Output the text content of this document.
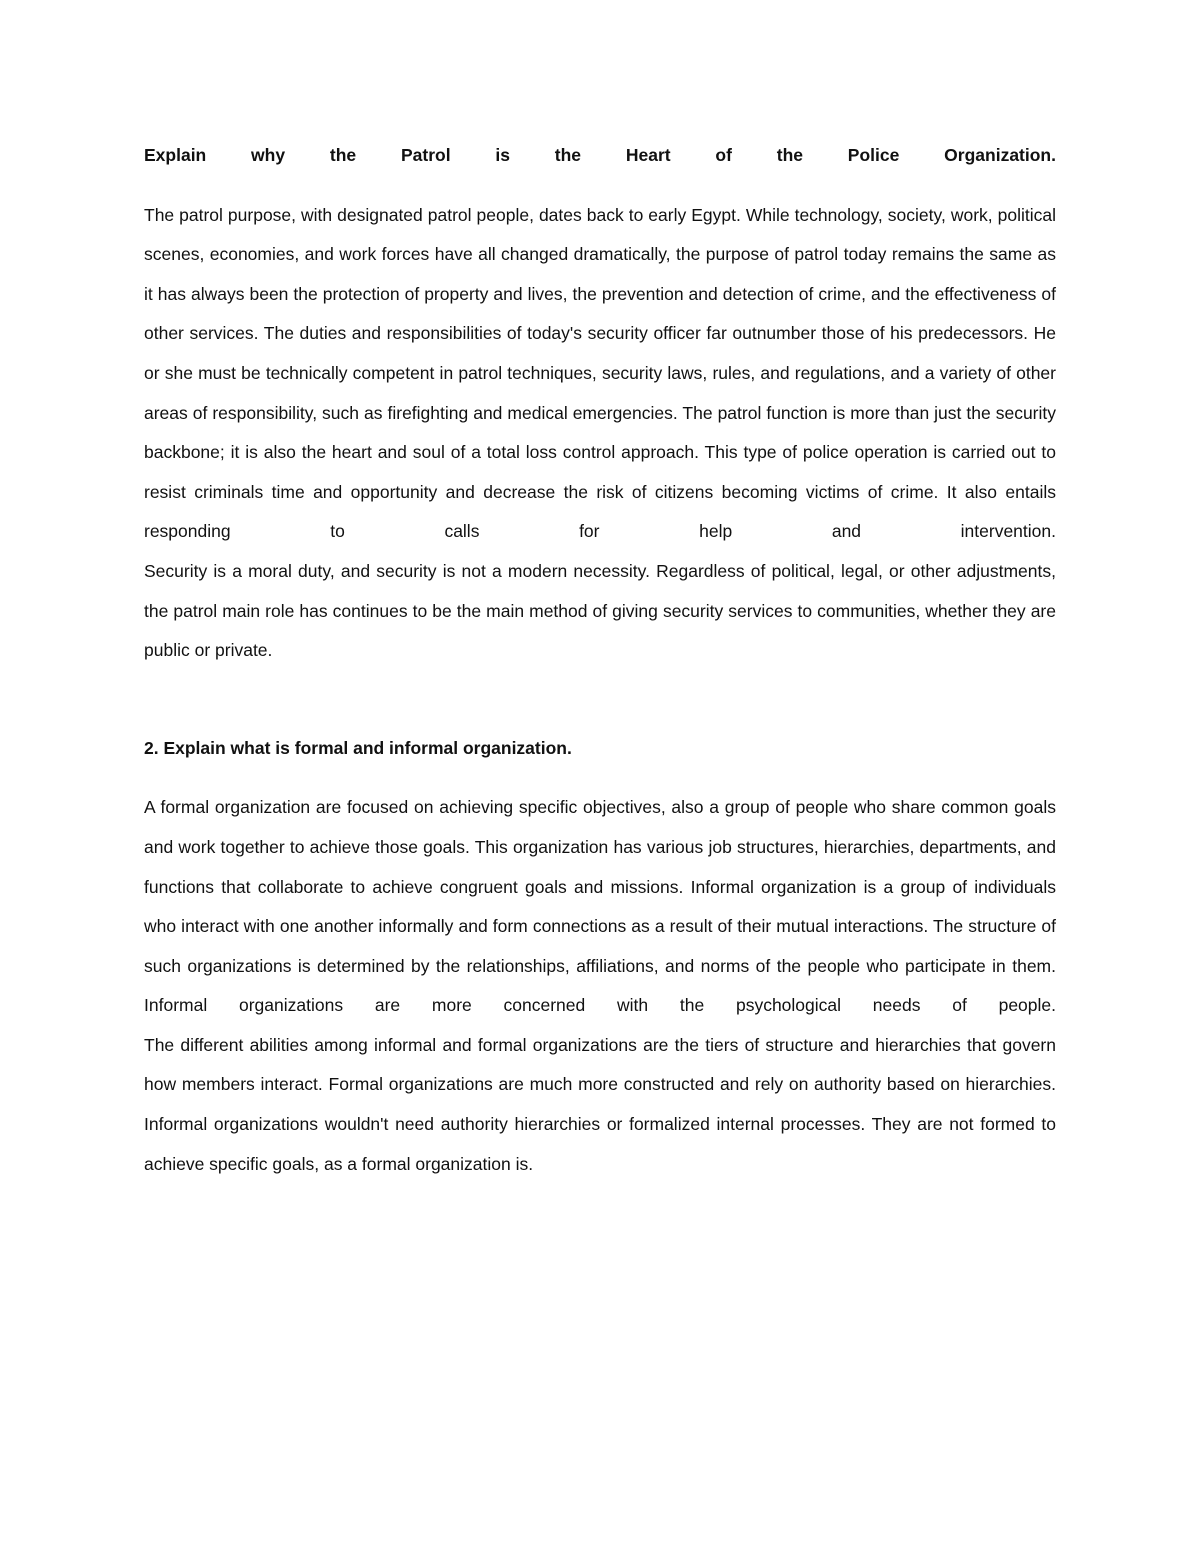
Explain why the Patrol is the Heart of the Police Organization.

The patrol purpose, with designated patrol people, dates back to early Egypt. While technology, society, work, political scenes, economies, and work forces have all changed dramatically, the purpose of patrol today remains the same as it has always been the protection of property and lives, the prevention and detection of crime, and the effectiveness of other services. The duties and responsibilities of today's security officer far outnumber those of his predecessors. He or she must be technically competent in patrol techniques, security laws, rules, and regulations, and a variety of other areas of responsibility, such as firefighting and medical emergencies. The patrol function is more than just the security backbone; it is also the heart and soul of a total loss control approach. This type of police operation is carried out to resist criminals time and opportunity and decrease the risk of citizens becoming victims of crime. It also entails responding to calls for help and intervention.
Security is a moral duty, and security is not a modern necessity. Regardless of political, legal, or other adjustments, the patrol main role has continues to be the main method of giving security services to communities, whether they are public or private.

2. Explain what is formal and informal organization.

A formal organization are focused on achieving specific objectives, also a group of people who share common goals and work together to achieve those goals. This organization has various job structures, hierarchies, departments, and functions that collaborate to achieve congruent goals and missions. Informal organization is a group of individuals who interact with one another informally and form connections as a result of their mutual interactions. The structure of such organizations is determined by the relationships, affiliations, and norms of the people who participate in them. Informal organizations are more concerned with the psychological needs of people.
The different abilities among informal and formal organizations are the tiers of structure and hierarchies that govern how members interact. Formal organizations are much more constructed and rely on authority based on hierarchies. Informal organizations wouldn't need authority hierarchies or formalized internal processes. They are not formed to achieve specific goals, as a formal organization is.
